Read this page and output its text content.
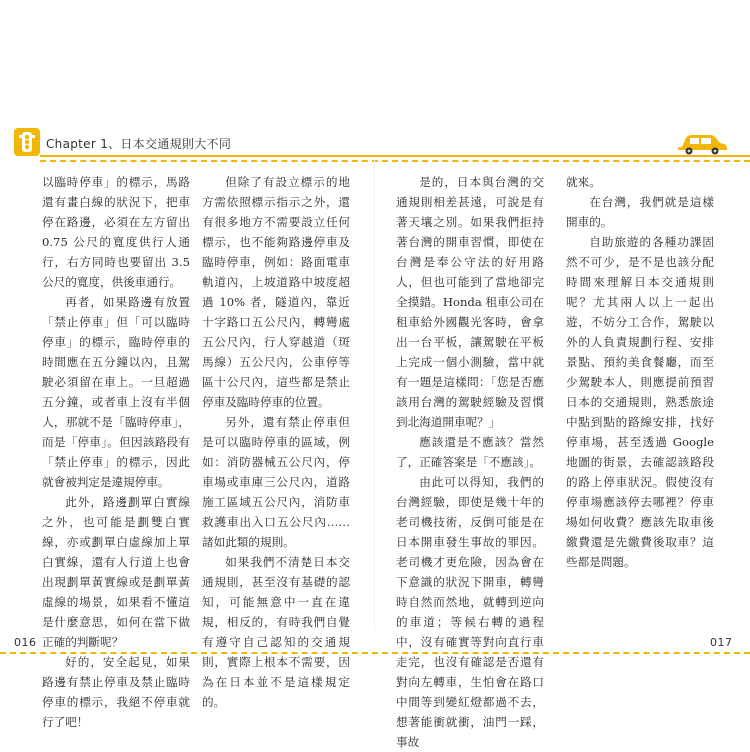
Chapter 1、日本交通規則大不同

以臨時停車」的標示，馬路還有畫白線的狀況下，把車停在路邊，必須在左方留出 0.75 公尺的寬度供行人通行，右方同時也要留出 3.5 公尺的寬度，供後車通行。

再者，如果路邊有放置「禁止停車」但「可以臨時停車」的標示，臨時停車的時間應在五分鐘以內，且駕駛必須留在車上。一旦超過五分鐘，或者車上沒有半個人，那就不是「臨時停車」，而是「停車」。但因該路段有「禁止停車」的標示，因此就會被判定是違規停車。

此外，路邊劃單白實線之外，也可能是劃雙白實線，亦或劃單白虛線加上單白實線，還有人行道上也會出現劃單黃實線或是劃單黃虛線的場景，如果看不懂這是什麼意思，如何在當下做正確的判斷呢？

好的，安全起見，如果路邊有禁止停車及禁止臨時停車的標示，我絕不停車就行了吧！

但除了有設立標示的地方需依照標示指示之外，還有很多地方不需要設立任何標示，也不能夠路邊停車及臨時停車，例如：路面電車軌道內，上坡道路中坡度超過 10% 者，隧道內，靠近十字路口五公尺內，轉彎處五公尺內，行人穿越道（斑馬線）五公尺內，公車停等區十公尺內，這些都是禁止停車及臨時停車的位置。

另外，還有禁止停車但是可以臨時停車的區域，例如：消防器械五公尺內，停車場或車庫三公尺內，道路施工區域五公尺內，消防車救護車出入口五公尺內……諸如此類的規則。

如果我們不清楚日本交通規則，甚至沒有基礎的認知，可能無意中一直在違規，相反的，有時我們自覺有遵守自己認知的交通規則，實際上根本不需要，因為在日本並不是這樣規定的。

是的，日本與台灣的交通規則相差甚遠，可說是有著天壤之別。如果我們拒持著台灣的開車習慣，即使在台灣是奉公守法的好用路人，但也可能到了當地卻完全摸錯。Honda 租車公司在租車給外國觀光客時，會拿出一台平板，讓駕駛在平板上完成一個小測驗，當中就有一題是這樣問：「您是否應該用台灣的駕駛經驗及習慣到北海道開車呢？」

應該還是不應該？當然了，正確答案是「不應該」。

由此可以得知，我們的台灣經驗，即使是幾十年的老司機技術，反倒可能是在日本開車發生事故的罪因。老司機才更危險，因為會在下意識的狀況下開車，轉彎時自然而然地，就轉到逆向的車道；等候右轉的過程中，沒有確實等對向直行車走完，也沒有確認是否還有對向左轉車，生怕會在路口中間等到變紅燈都過不去，想著能衝就衝，油門一踩，事故

就來。

在台灣，我們就是這樣開車的。

自助旅遊的各種功課固然不可少，是不是也該分配時間來理解日本交通規則呢？尤其兩人以上一起出遊，不妨分工合作，駕駛以外的人負責規劃行程、安排景點、預約美食餐廳，而至少駕駛本人，則應提前預習日本的交通規則，熟悉旅途中點到點的路線安排，找好停車場，甚至透過 Google 地圖的街景，去確認該路段的路上停車狀況。假使沒有停車場應該停去哪裡？停車場如何收費？應該先取車後繳費還是先繳費後取車？這些都是問題。

016	017
